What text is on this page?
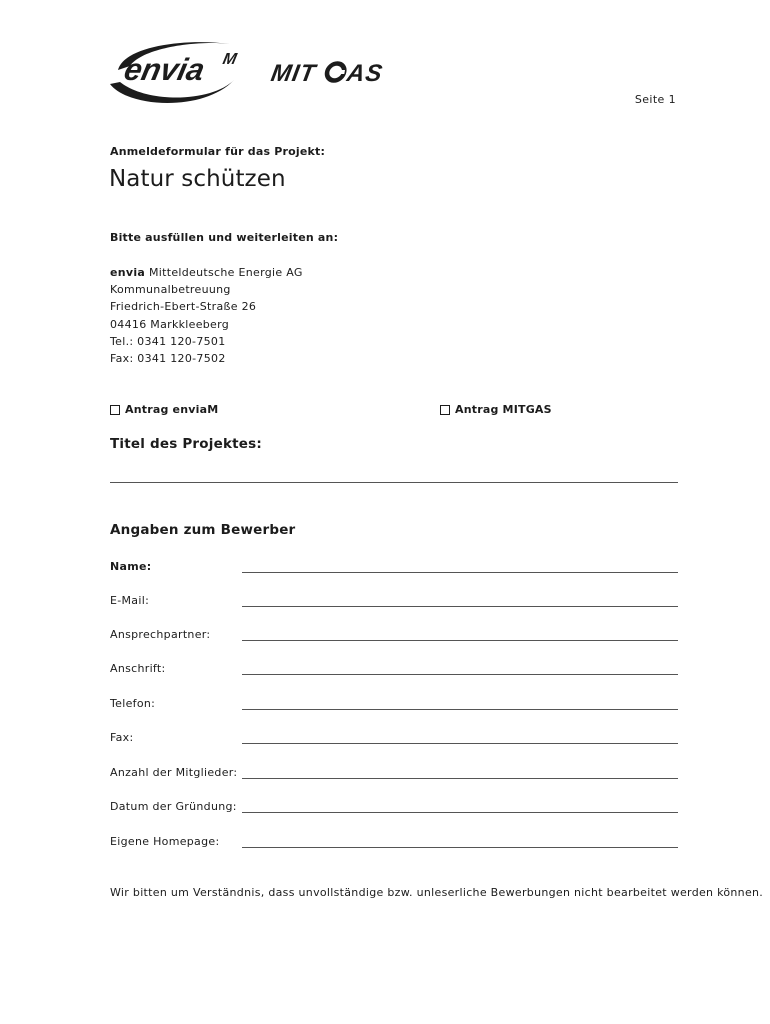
envia M
MIT AS
Seite 1
Anmeldeformular für das Projekt:
Natur schützen
Bitte ausfüllen und weiterleiten an:
envia Mitteldeutsche Energie AG
Kommunalbetreuung
Friedrich-Ebert-Straße 26
04416 Markkleeberg
Tel.: 0341 120-7501
Fax: 0341 120-7502
Antrag enviaM	Antrag MITGAS
Titel des Projektes:
Angaben zum Bewerber
Name:
E-Mail:
Ansprechpartner:
Anschrift:
Telefon:
Fax:
Anzahl der Mitglieder:
Datum der Gründung:
Eigene Homepage:
Wir bitten um Verständnis, dass unvollständige bzw. unleserliche Bewerbungen nicht bearbeitet werden können.
